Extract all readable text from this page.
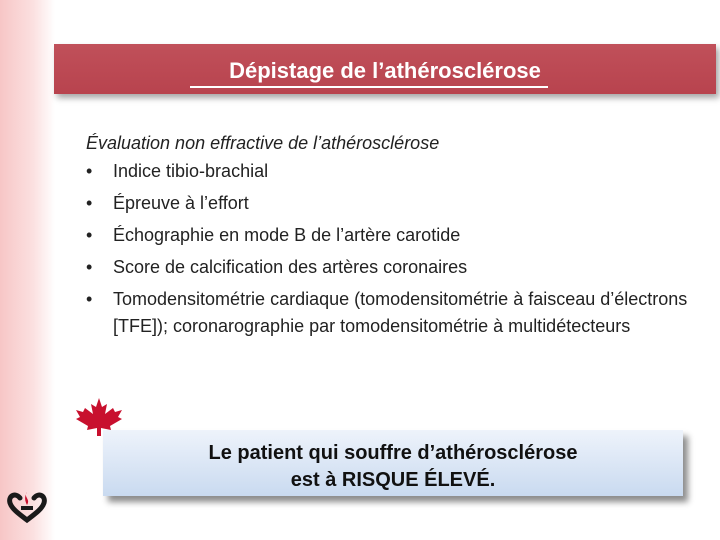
Dépistage de l’athérosclérose

Évaluation non effractive de l’athérosclérose

• Indice tibio-brachial
• Épreuve à l’effort
• Échographie en mode B de l’artère carotide
• Score de calcification des artères coronaires
• Tomodensitométrie cardiaque (tomodensitométrie à faisceau d’électrons [TFE]); coronarographie par tomodensitométrie à multidétecteurs
Le patient qui souffre d’athérosclérose
est à RISQUE ÉLEVÉ.
